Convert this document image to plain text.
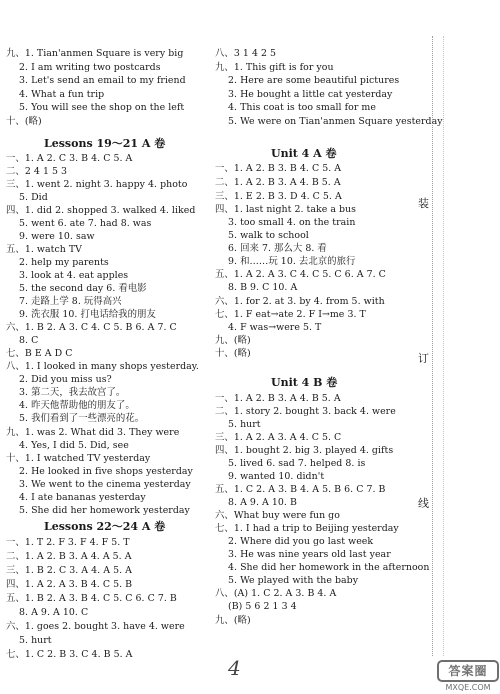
九、1. Tian'anmen Square is very big
2. I am writing two postcards
3. Let's send an email to my friend
4. What a fun trip
5. You will see the shop on the left
十、(略)
Lessons 19～21 A 卷
一、1. A 2. C 3. B 4. C 5. A
二、2 4 1 5 3
三、1. went 2. night 3. happy 4. photo
5. Did
四、1. did 2. shopped 3. walked 4. liked
5. went 6. ate 7. had 8. was
9. were 10. saw
五、1. watch TV
2. help my parents
3. look at 4. eat apples
5. the second day 6. 看电影
7. 走路上学 8. 玩得高兴
9. 洗衣服 10. 打电话给我的朋友
六、1. B 2. A 3. C 4. C 5. B 6. A 7. C
8. C
七、B E A D C
八、1. I looked in many shops yesterday.
2. Did you miss us?
3. 第二天，我去故宫了。
4. 昨天他帮助他的朋友了。
5. 我们看到了一些漂亮的花。
九、1. was 2. What did 3. They were
4. Yes, I did 5. Did, see
十、1. I watched TV yesterday
2. He looked in five shops yesterday
3. We went to the cinema yesterday
4. I ate bananas yesterday
5. She did her homework yesterday
Lessons 22～24 A 卷
一、1. T 2. F 3. F 4. F 5. T
二、1. A 2. B 3. A 4. A 5. A
三、1. B 2. C 3. A 4. A 5. A
四、1. A 2. A 3. B 4. C 5. B
五、1. B 2. A 3. B 4. C 5. C 6. C 7. B
8. A 9. A 10. C
六、1. goes 2. bought 3. have 4. were
5. hurt
七、1. C 2. B 3. C 4. B 5. A
八、3 1 4 2 5
九、1. This gift is for you
2. Here are some beautiful pictures
3. He bought a little cat yesterday
4. This coat is too small for me
5. We were on Tian'anmen Square yesterday
Unit 4 A 卷
一、1. A 2. B 3. B 4. C 5. A
二、1. A 2. B 3. A 4. B 5. A
三、1. E 2. B 3. D 4. C 5. A
四、1. last night 2. take a bus
3. too small 4. on the train
5. walk to school
6. 回来 7. 那么大 8. 看
9. 和……玩 10. 去北京的旅行
五、1. A 2. A 3. C 4. C 5. C 6. A 7. C
8. B 9. C 10. A
六、1. for 2. at 3. by 4. from 5. with
七、1. F eat→ate 2. F I→me 3. T
4. F was→were 5. T
九、(略)
十、(略)
Unit 4 B 卷
一、1. A 2. B 3. A 4. B 5. A
二、1. story 2. bought 3. back 4. were
5. hurt
三、1. A 2. A 3. A 4. C 5. C
四、1. bought 2. big 3. played 4. gifts
5. lived 6. sad 7. helped 8. is
9. wanted 10. didn't
五、1. C 2. A 3. B 4. A 5. B 6. C 7. B
8. A 9. A 10. B
六、What buy were fun go
七、1. I had a trip to Beijing yesterday
2. Where did you go last week
3. He was nine years old last year
4. She did her homework in the afternoon
5. We played with the baby
八、(A) 1. C 2. A 3. B 4. A
(B) 5 6 2 1 3 4
九、(略)
装
订
线
4	答案圈
MXQE.COM
